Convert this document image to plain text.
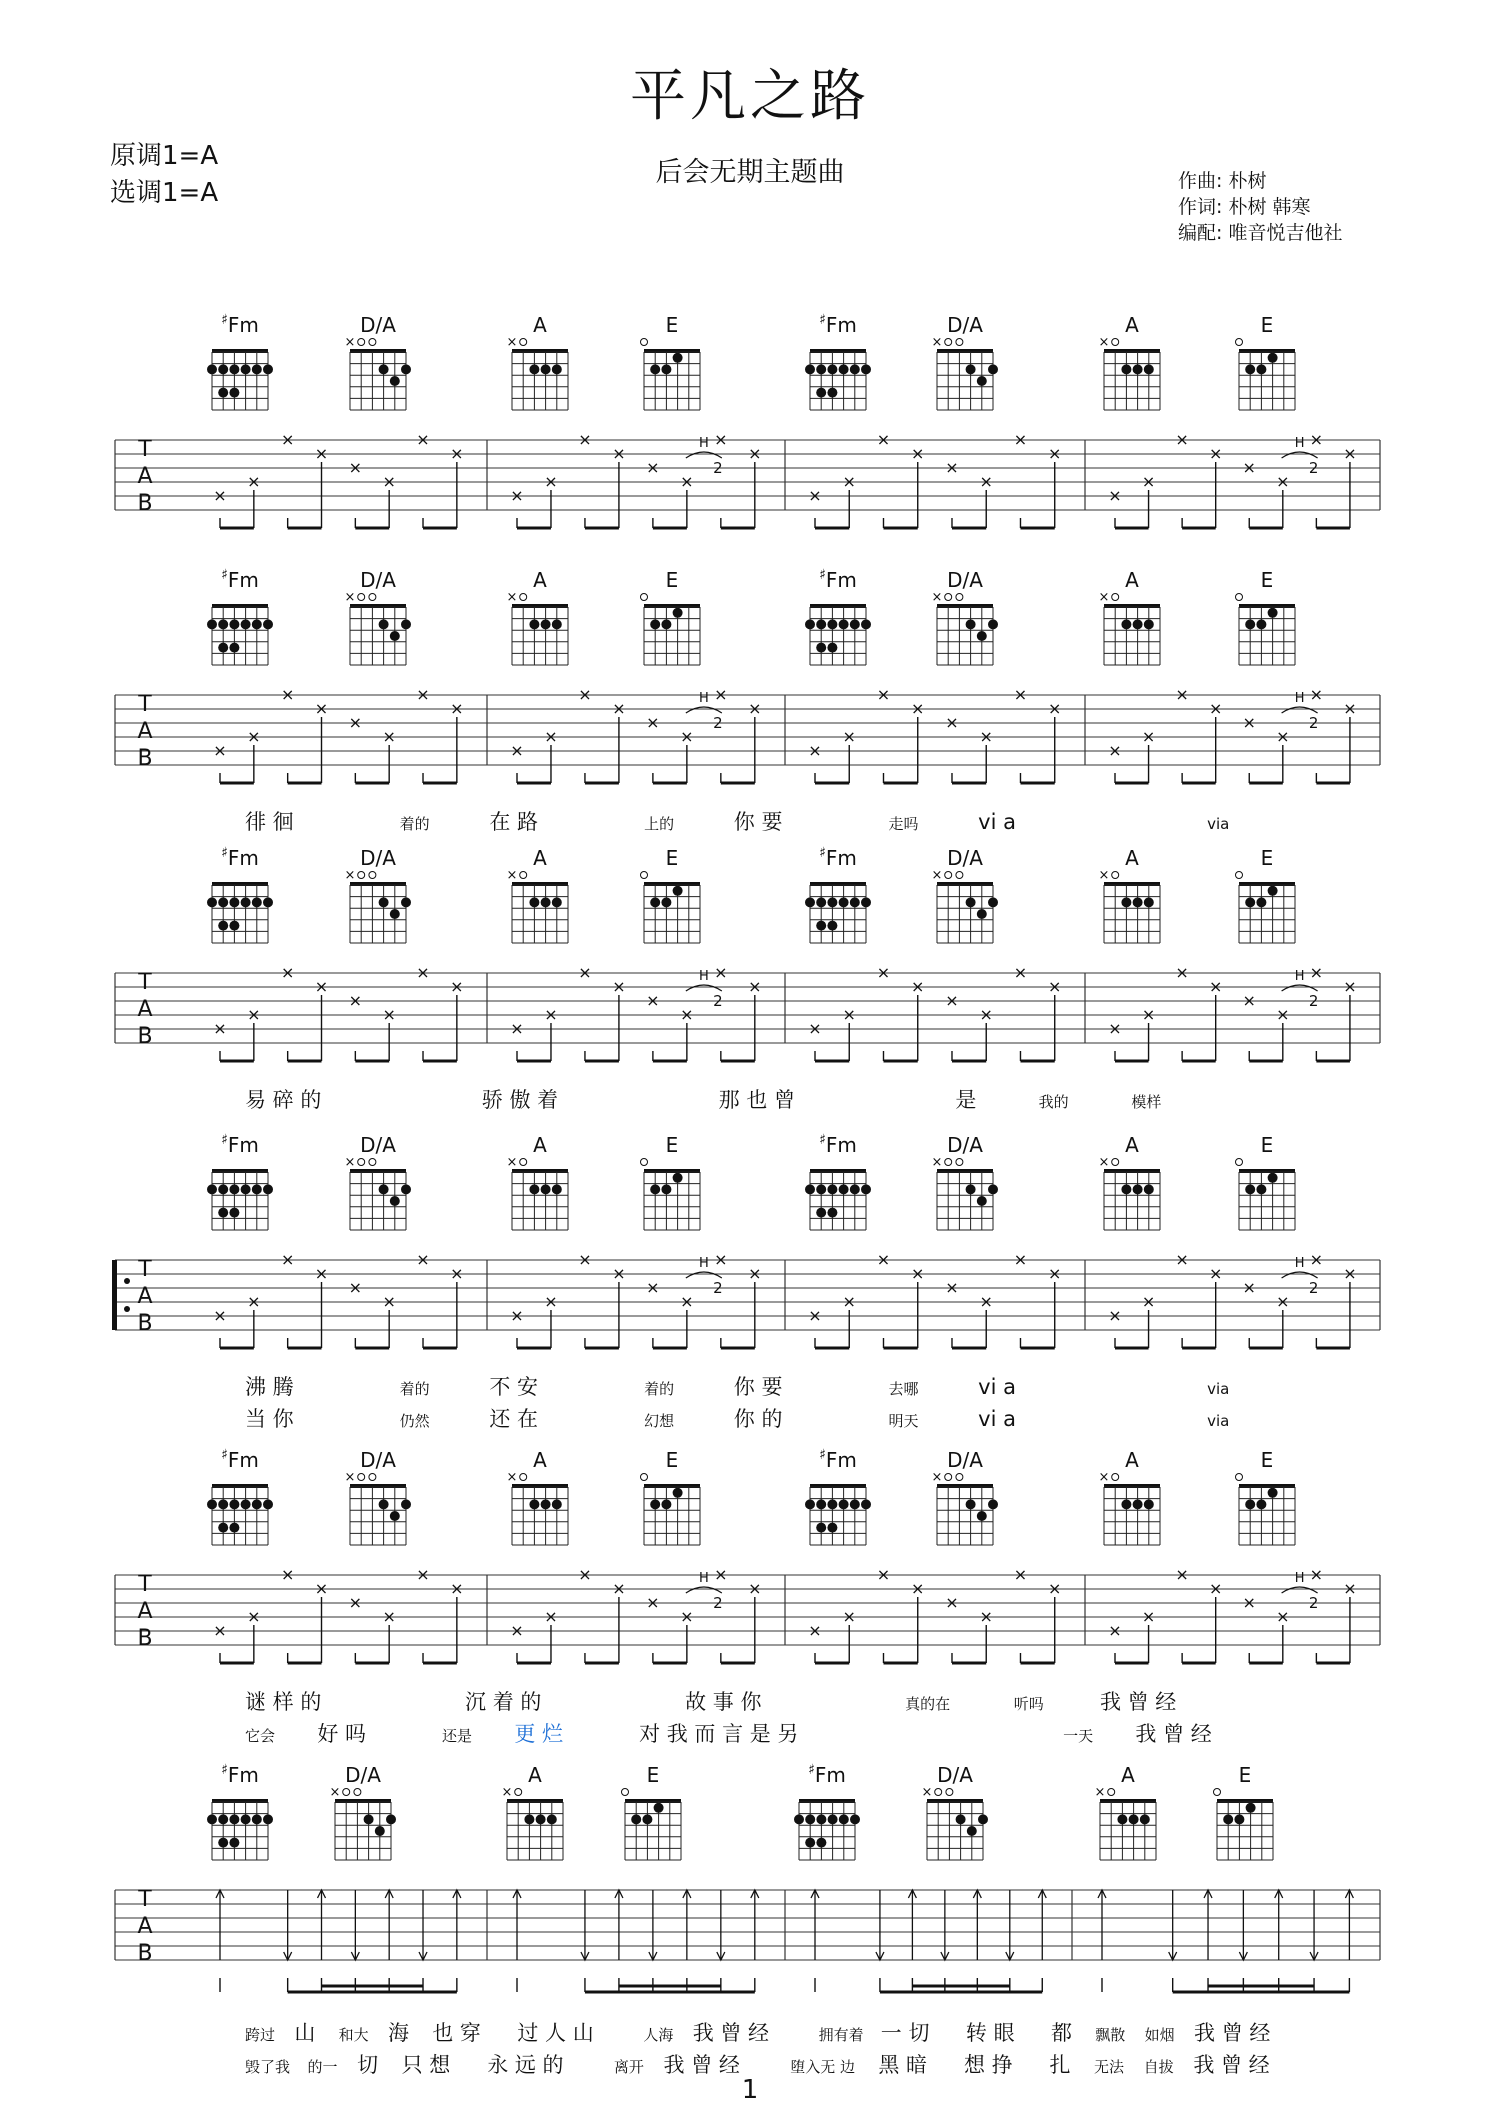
平凡之路
原调1=A
选调1=A
后会无期主题曲	作曲: 朴树
作词: 朴树 韩寒
编配: 唯音悦吉他社
♯Fm
×
D/A
×
A	E	♯Fm
×
D/A
×
A	E
T
A
B	×
×
×
×
×
×
×
×
×
×
×
×
×
×
×
×
H
2
×
×
×
×
×
×
×
×
×
×
×
×
×
×
×
×
H
2
♯Fm
×
D/A
×
A	E	♯Fm
×
D/A
×
A	E
T
A
B	×
×
×
×
×
×
×
×
×
×
×
×
×
×
×
×
H
2
×
×
×
×
×
×
×
×
×
×
×
×
×
×
×
×
H
2
徘 徊	着的	在 路	上的	你 要	走吗	vi a	via
♯Fm
×
D/A
×
A	E	♯Fm
×
D/A
×
A	E
T
A
B	×
×
×
×
×
×
×
×
×
×
×
×
×
×
×
×
H
2
×
×
×
×
×
×
×
×
×
×
×
×
×
×
×
×
H
2
易 碎 的	骄 傲 着	那 也 曾	是	我的	模样
♯Fm
×
D/A
×
A	E	♯Fm
×
D/A
×
A	E
T
A
B	×
×
×
×
×
×
×
×
×
×
×
×
×
×
×
×
H
2
×
×
×
×
×
×
×
×
×
×
×
×
×
×
×
×
H
2
沸 腾	着的	不 安	着的	你 要	去哪	vi a	via
当 你	仍然	还 在	幻想	你 的	明天	vi a	via
♯Fm
×
D/A
×
A	E	♯Fm
×
D/A
×
A	E
T
A
B	×
×
×
×
×
×
×
×
×
×
×
×
×
×
×
×
H
2
×
×
×
×
×
×
×
×
×
×
×
×
×
×
×
×
H
2
谜 样 的	沉 着 的	故 事 你	真的在	听吗	我 曾 经
它会 好 吗	还是 更 烂	对 我 而 言 是 另	一天 我 曾 经
♯Fm
×
D/A
×
A	E	♯Fm
×
D/A
×
A	E
T
A
B
跨过 山 和大 海 也 穿 过 人 山	人海 我 曾 经	拥有着 一 切 转 眼 都 飘散 如烟 我 曾 经
毁了我 的一 切 只 想 永 远 的	离开 我 曾 经	堕入无 边 黑 暗 想 挣 扎 无法 自拔 我 曾 经
1
